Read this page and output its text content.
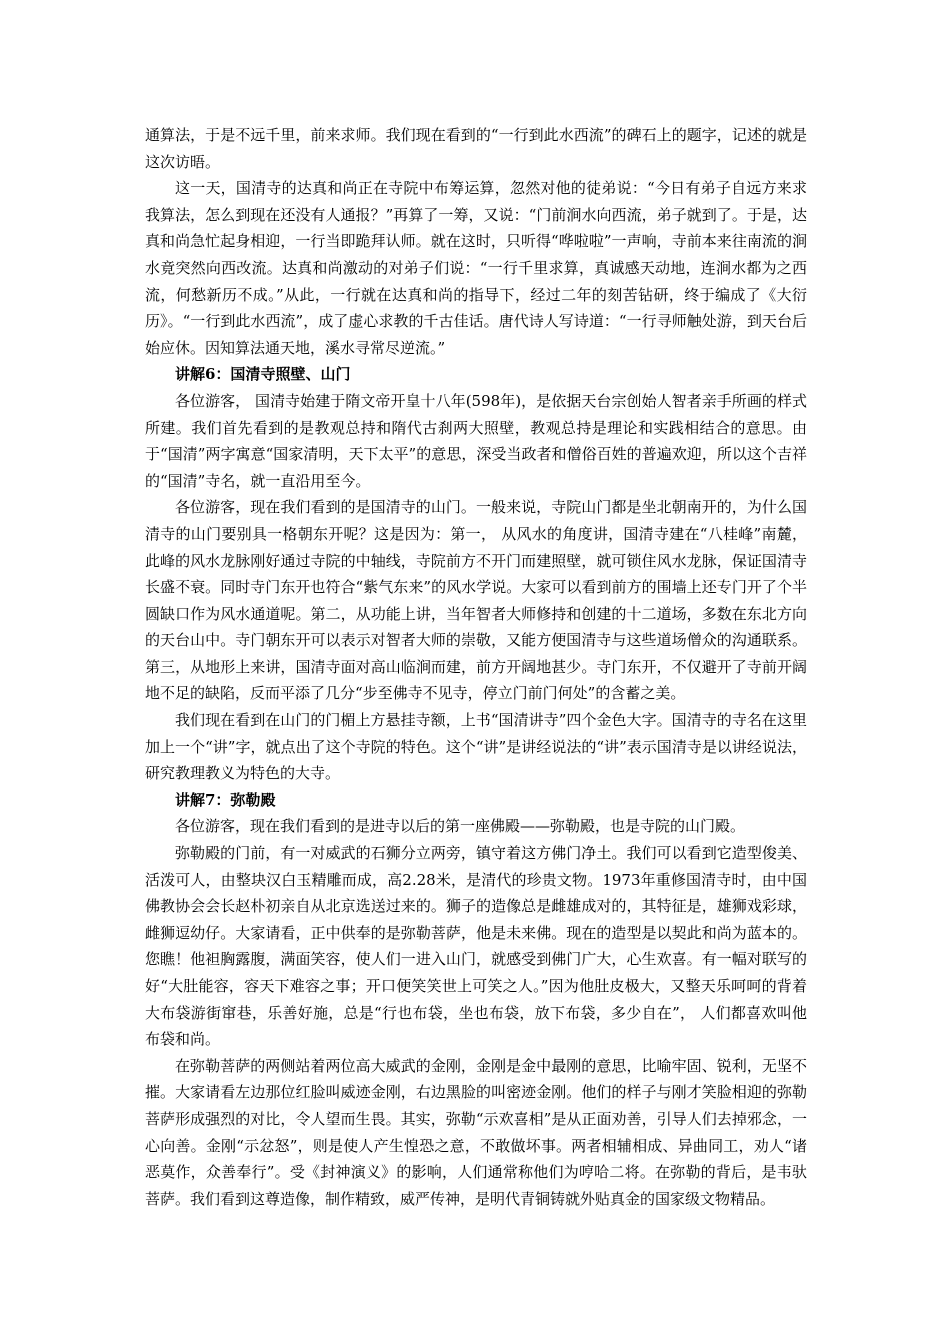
通算法，于是不远千里，前来求师。我们现在看到的“一行到此水西流”的碑石上的题字，记述的就是这次访晤。

这一天，国清寺的达真和尚正在寺院中布筹运算，忽然对他的徒弟说：“今日有弟子自远方来求我算法，怎么到现在还没有人通报？”再算了一筹，又说：“门前涧水向西流，弟子就到了。于是，达真和尚急忙起身相迎，一行当即跪拜认师。就在这时，只听得“哗啦啦”一声响，寺前本来往南流的涧水竟突然向西改流。达真和尚激动的对弟子们说：“一行千里求算，真诚感天动地，连涧水都为之西流，何愁新历不成。”从此，一行就在达真和尚的指导下，经过二年的刻苦钻研，终于编成了《大衍历》。“一行到此水西流”，成了虚心求教的千古佳话。唐代诗人写诗道：“一行寻师触处游，到天台后始应休。因知算法通天地，溪水寻常尽逆流。”

讲解6：国清寺照壁、山门

各位游客， 国清寺始建于隋文帝开皇十八年(598年)，是依据天台宗创始人智者亲手所画的样式所建。我们首先看到的是教观总持和隋代古刹两大照壁，教观总持是理论和实践相结合的意思。由于“国清”两字寓意“国家清明，天下太平”的意思，深受当政者和僧俗百姓的普遍欢迎，所以这个吉祥的“国清”寺名，就一直沿用至今。

各位游客，现在我们看到的是国清寺的山门。一般来说，寺院山门都是坐北朝南开的，为什么国清寺的山门要别具一格朝东开呢？这是因为：第一， 从风水的角度讲，国清寺建在“八桂峰”南麓，此峰的风水龙脉刚好通过寺院的中轴线，寺院前方不开门而建照壁，就可锁住风水龙脉，保证国清寺长盛不衰。同时寺门东开也符合“紫气东来”的风水学说。大家可以看到前方的围墙上还专门开了个半圆缺口作为风水通道呢。第二，从功能上讲，当年智者大师修持和创建的十二道场，多数在东北方向的天台山中。寺门朝东开可以表示对智者大师的崇敬，又能方便国清寺与这些道场僧众的沟通联系。第三，从地形上来讲，国清寺面对高山临涧而建，前方开阔地甚少。寺门东开，不仅避开了寺前开阔地不足的缺陷，反而平添了几分“步至佛寺不见寺，停立门前门何处”的含蓄之美。

我们现在看到在山门的门楣上方悬挂寺额，上书“国清讲寺”四个金色大字。国清寺的寺名在这里加上一个“讲”字，就点出了这个寺院的特色。这个“讲”是讲经说法的“讲”表示国清寺是以讲经说法，研究教理教义为特色的大寺。

讲解7：弥勒殿

各位游客，现在我们看到的是进寺以后的第一座佛殿——弥勒殿，也是寺院的山门殿。

弥勒殿的门前，有一对威武的石狮分立两旁，镇守着这方佛门净土。我们可以看到它造型俊美、活泼可人，由整块汉白玉精雕而成，高2.28米，是清代的珍贵文物。1973年重修国清寺时，由中国佛教协会会长赵朴初亲自从北京选送过来的。狮子的造像总是雌雄成对的，其特征是，雄狮戏彩球，雌狮逗幼仔。大家请看，正中供奉的是弥勒菩萨，他是未来佛。现在的造型是以契此和尚为蓝本的。您瞧！他袒胸露腹，满面笑容，使人们一进入山门，就感受到佛门广大，心生欢喜。有一幅对联写的好“大肚能容，容天下难容之事；开口便笑笑世上可笑之人。”因为他肚皮极大，又整天乐呵呵的背着大布袋游街窜巷，乐善好施，总是“行也布袋，坐也布袋，放下布袋，多少自在”， 人们都喜欢叫他布袋和尚。

在弥勒菩萨的两侧站着两位高大威武的金刚，金刚是金中最刚的意思，比喻牢固、锐利，无坚不摧。大家请看左边那位红脸叫威迹金刚，右边黑脸的叫密迹金刚。他们的样子与刚才笑脸相迎的弥勒菩萨形成强烈的对比，令人望而生畏。其实，弥勒“示欢喜相”是从正面劝善，引导人们去掉邪念，一心向善。金刚“示忿怒”，则是使人产生惶恐之意，不敢做坏事。两者相辅相成、异曲同工，劝人“诸恶莫作，众善奉行”。受《封神演义》的影响，人们通常称他们为哼哈二将。在弥勒的背后，是韦驮菩萨。我们看到这尊造像，制作精致，威严传神，是明代青铜铸就外贴真金的国家级文物精品。
